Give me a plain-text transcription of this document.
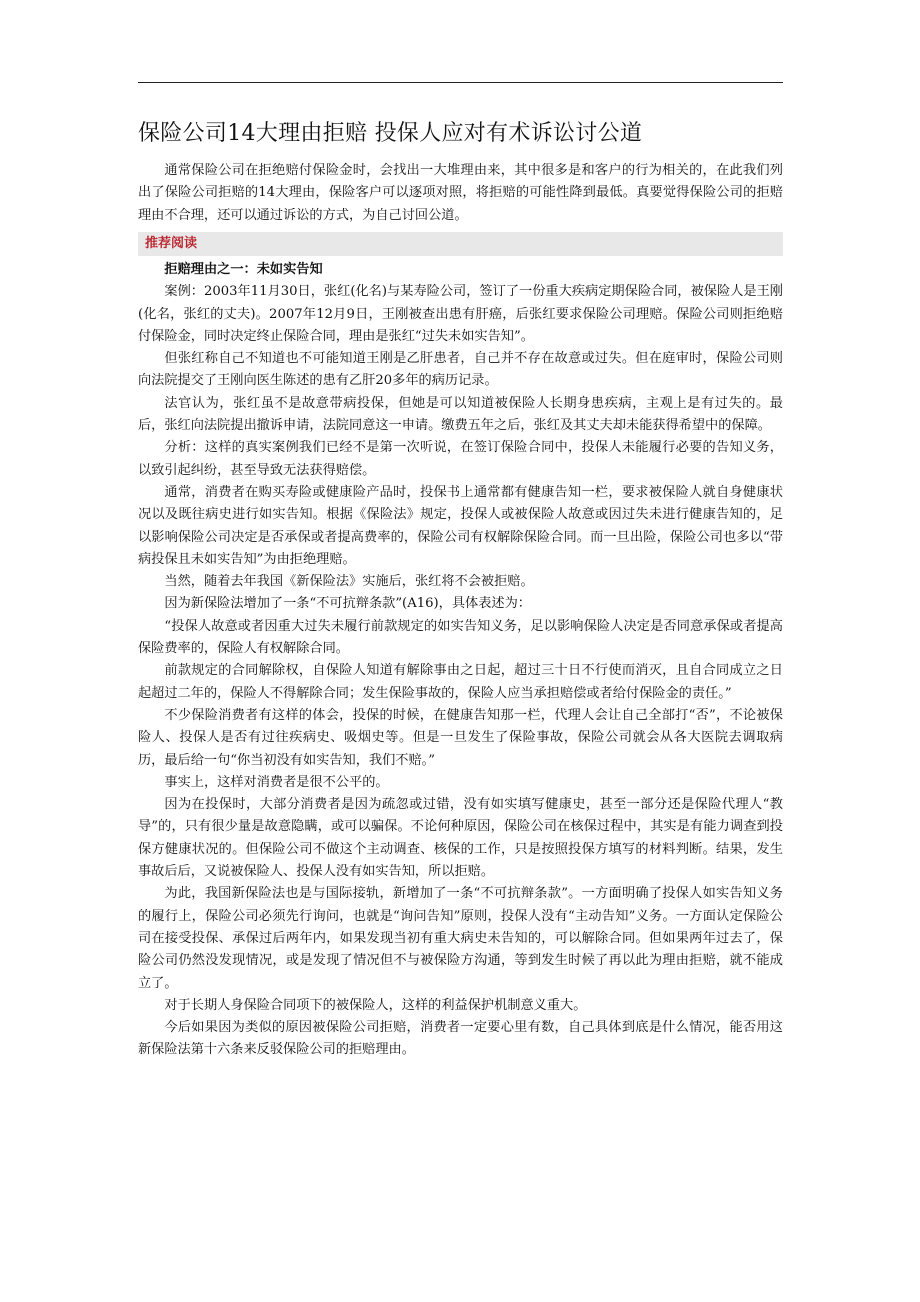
保险公司14大理由拒赔 投保人应对有术诉讼讨公道

通常保险公司在拒绝赔付保险金时，会找出一大堆理由来，其中很多是和客户的行为相关的，在此我们列出了保险公司拒赔的14大理由，保险客户可以逐项对照，将拒赔的可能性降到最低。真要觉得保险公司的拒赔理由不合理，还可以通过诉讼的方式，为自己讨回公道。

推荐阅读

拒赔理由之一：未如实告知

案例：2003年11月30日，张红(化名)与某寿险公司，签订了一份重大疾病定期保险合同，被保险人是王刚(化名，张红的丈夫)。2007年12月9日，王刚被查出患有肝癌，后张红要求保险公司理赔。保险公司则拒绝赔付保险金，同时决定终止保险合同，理由是张红“过失未如实告知”。

但张红称自己不知道也不可能知道王刚是乙肝患者，自己并不存在故意或过失。但在庭审时，保险公司则向法院提交了王刚向医生陈述的患有乙肝20多年的病历记录。

法官认为，张红虽不是故意带病投保，但她是可以知道被保险人长期身患疾病，主观上是有过失的。最后，张红向法院提出撤诉申请，法院同意这一申请。缴费五年之后，张红及其丈夫却未能获得希望中的保障。

分析：这样的真实案例我们已经不是第一次听说，在签订保险合同中，投保人未能履行必要的告知义务，以致引起纠纷，甚至导致无法获得赔偿。

通常，消费者在购买寿险或健康险产品时，投保书上通常都有健康告知一栏，要求被保险人就自身健康状况以及既往病史进行如实告知。根据《保险法》规定，投保人或被保险人故意或因过失未进行健康告知的，足以影响保险公司决定是否承保或者提高费率的，保险公司有权解除保险合同。而一旦出险，保险公司也多以“带病投保且未如实告知”为由拒绝理赔。

当然，随着去年我国《新保险法》实施后，张红将不会被拒赔。

因为新保险法增加了一条“不可抗辩条款”(A16)，具体表述为：

“投保人故意或者因重大过失未履行前款规定的如实告知义务，足以影响保险人决定是否同意承保或者提高保险费率的，保险人有权解除合同。

前款规定的合同解除权，自保险人知道有解除事由之日起，超过三十日不行使而消灭，且自合同成立之日起超过二年的，保险人不得解除合同；发生保险事故的，保险人应当承担赔偿或者给付保险金的责任。”

不少保险消费者有这样的体会，投保的时候，在健康告知那一栏，代理人会让自己全部打“否”，不论被保险人、投保人是否有过往疾病史、吸烟史等。但是一旦发生了保险事故，保险公司就会从各大医院去调取病历，最后给一句“你当初没有如实告知，我们不赔。”

事实上，这样对消费者是很不公平的。

因为在投保时，大部分消费者是因为疏忽或过错，没有如实填写健康史，甚至一部分还是保险代理人“教导”的，只有很少量是故意隐瞒，或可以骗保。不论何种原因，保险公司在核保过程中，其实是有能力调查到投保方健康状况的。但保险公司不做这个主动调查、核保的工作，只是按照投保方填写的材料判断。结果，发生事故后后，又说被保险人、投保人没有如实告知，所以拒赔。

为此，我国新保险法也是与国际接轨，新增加了一条“不可抗辩条款”。一方面明确了投保人如实告知义务的履行上，保险公司必须先行询问，也就是“询问告知”原则，投保人没有“主动告知”义务。一方面认定保险公司在接受投保、承保过后两年内，如果发现当初有重大病史未告知的，可以解除合同。但如果两年过去了，保险公司仍然没发现情况，或是发现了情况但不与被保险方沟通，等到发生时候了再以此为理由拒赔，就不能成立了。

对于长期人身保险合同项下的被保险人，这样的利益保护机制意义重大。

今后如果因为类似的原因被保险公司拒赔，消费者一定要心里有数，自己具体到底是什么情况，能否用这新保险法第十六条来反驳保险公司的拒赔理由。
